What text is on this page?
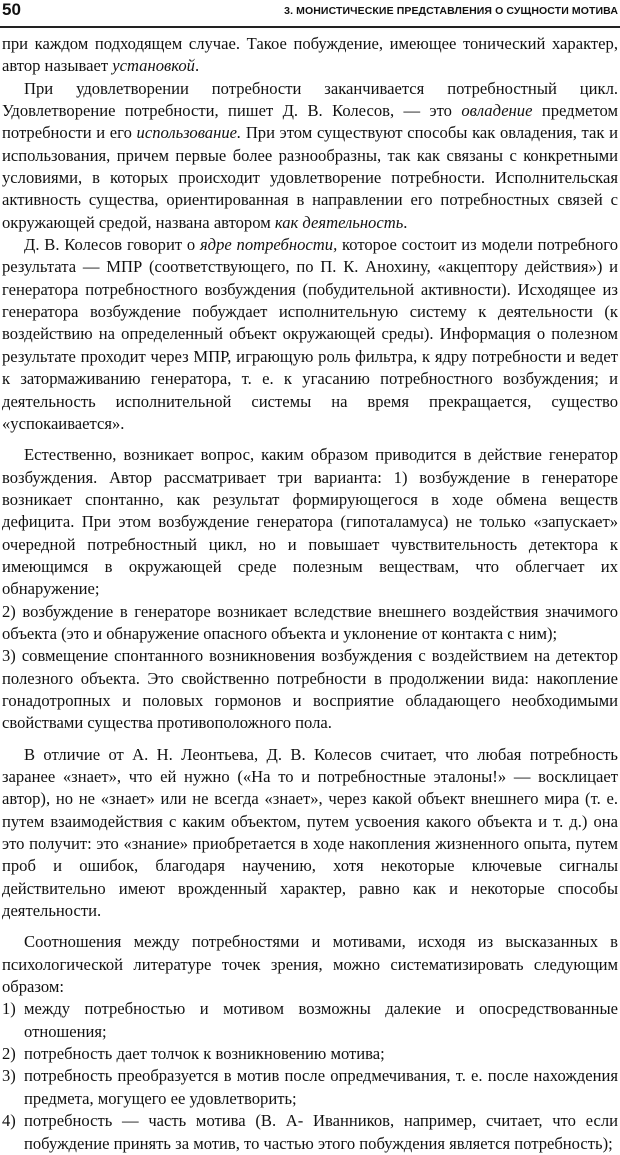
50	3. МОНИСТИЧЕСКИЕ ПРЕДСТАВЛЕНИЯ О СУЩНОСТИ МОТИВА

при каждом подходящем случае. Такое побуждение, имеющее тонический характер, автор называет установкой.

При удовлетворении потребности заканчивается потребностный цикл. Удовлетворение потребности, пишет Д. В. Колесов, — это овладение предметом потребности и его использование. При этом существуют способы как овладения, так и использования, причем первые более разнообразны, так как связаны с конкретными условиями, в которых происходит удовлетворение потребности. Исполнительская активность существа, ориентированная в направлении его потребностных связей с окружающей средой, названа автором как деятельность.

Д. В. Колесов говорит о ядре потребности, которое состоит из модели потребного результата — МПР (соответствующего, по П. К. Анохину, «акцептору действия») и генератора потребностного возбуждения (побудительной активности). Исходящее из генератора возбуждение побуждает исполнительную систему к деятельности (к воздействию на определенный объект окружающей среды). Информация о полезном результате проходит через МПР, играющую роль фильтра, к ядру потребности и ведет к затормаживанию генератора, т. е. к угасанию потребностного возбуждения; и деятельность исполнительной системы на время прекращается, существо «успокаивается».

Естественно, возникает вопрос, каким образом приводится в действие генератор возбуждения. Автор рассматривает три варианта: 1) возбуждение в генераторе возникает спонтанно, как результат формирующегося в ходе обмена веществ дефицита. При этом возбуждение генератора (гипоталамуса) не только «запускает» очередной потребностный цикл, но и повышает чувствительность детектора к имеющимся в окружающей среде полезным веществам, что облегчает их обнаружение;

2) возбуждение в генераторе возникает вследствие внешнего воздействия значимого объекта (это и обнаружение опасного объекта и уклонение от контакта с ним);

3) совмещение спонтанного возникновения возбуждения с воздействием на детектор полезного объекта. Это свойственно потребности в продолжении вида: накопление гонадотропных и половых гормонов и восприятие обладающего необходимыми свойствами существа противоположного пола.

В отличие от А. Н. Леонтьева, Д. В. Колесов считает, что любая потребность заранее «знает», что ей нужно («На то и потребностные эталоны!» — восклицает автор), но не «знает» или не всегда «знает», через какой объект внешнего мира (т. е. путем взаимодействия с каким объектом, путем усвоения какого объекта и т. д.) она это получит: это «знание» приобретается в ходе накопления жизненного опыта, путем проб и ошибок, благодаря научению, хотя некоторые ключевые сигналы действительно имеют врожденный характер, равно как и некоторые способы деятельности.

Соотношения между потребностями и мотивами, исходя из высказанных в психологической литературе точек зрения, можно систематизировать следующим образом:

1) между потребностью и мотивом возможны далекие и опосредствованные отношения;

2) потребность дает толчок к возникновению мотива;

3) потребность преобразуется в мотив после опредмечивания, т. е. после нахождения предмета, могущего ее удовлетворить;

4) потребность — часть мотива (В. А- Иванников, например, считает, что если побуждение принять за мотив, то частью этого побуждения является потребность);
